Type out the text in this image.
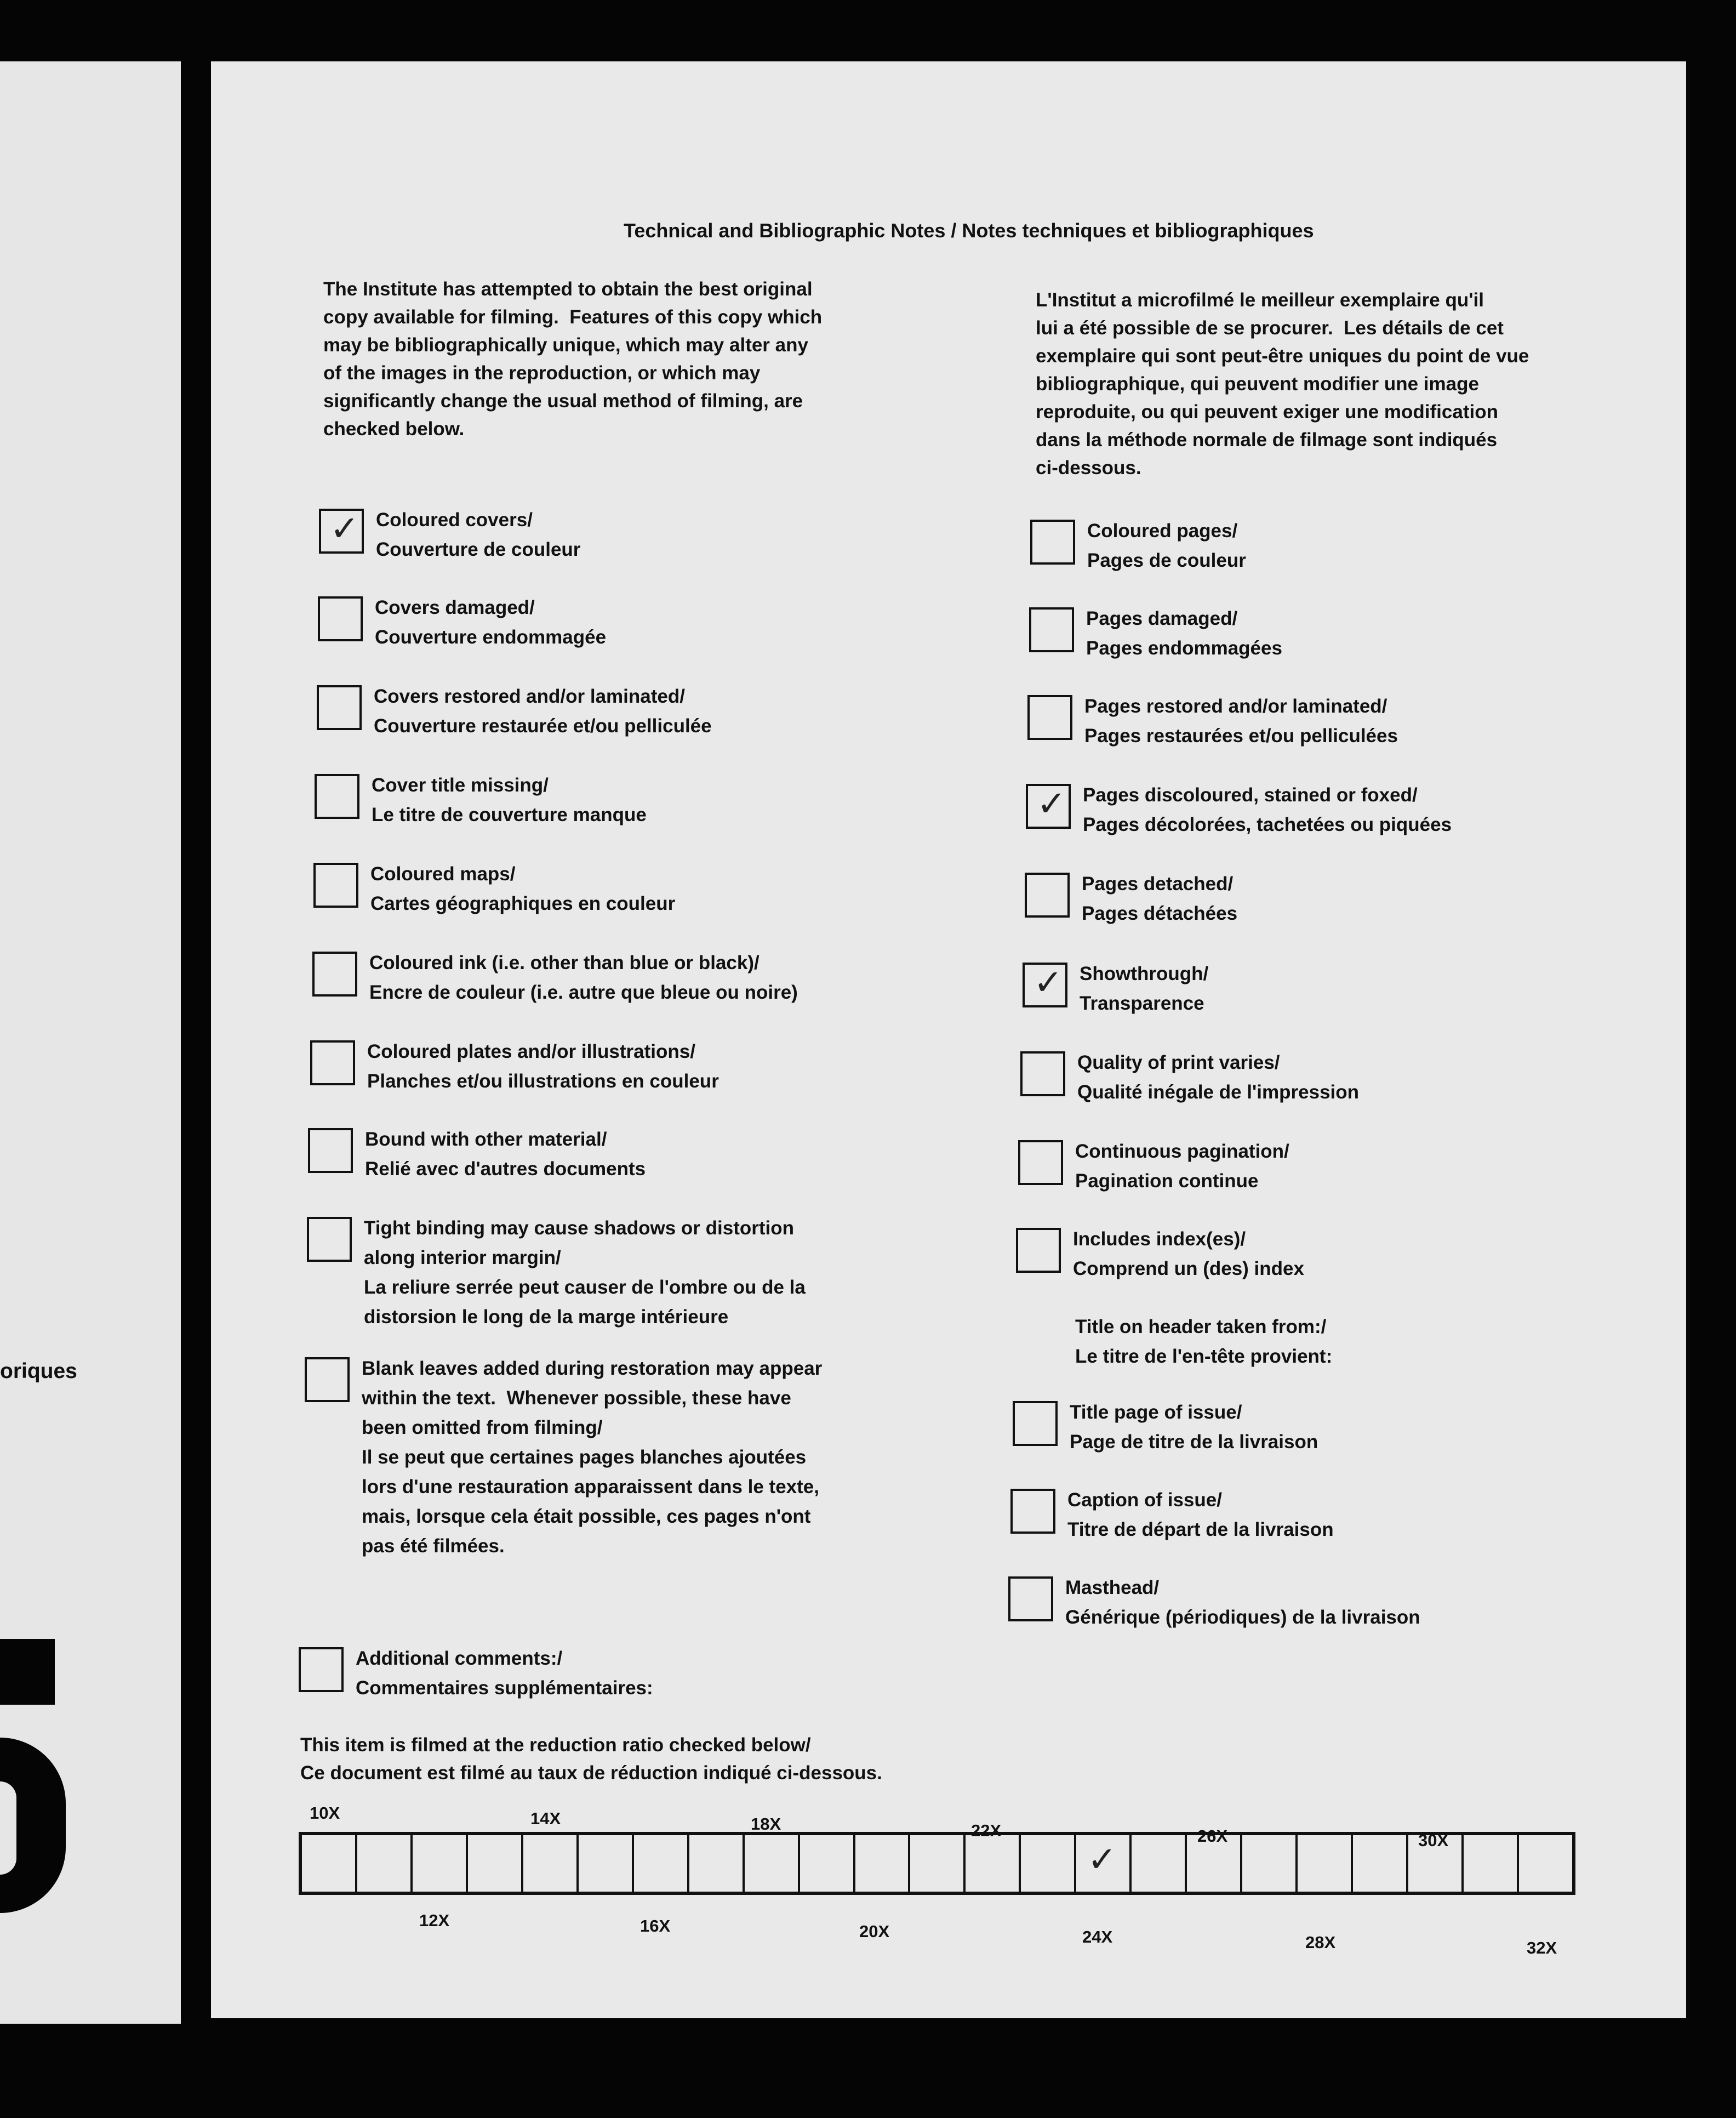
oriques
Technical and Bibliographic Notes / Notes techniques et bibliographiques
The Institute has attempted to obtain the best original
copy available for filming.  Features of this copy which
may be bibliographically unique, which may alter any
of the images in the reproduction, or which may
significantly change the usual method of filming, are
checked below.
L'Institut a microfilmé le meilleur exemplaire qu'il
lui a été possible de se procurer.  Les détails de cet
exemplaire qui sont peut-être uniques du point de vue
bibliographique, qui peuvent modifier une image
reproduite, ou qui peuvent exiger une modification
dans la méthode normale de filmage sont indiqués
ci-dessous.
✓ Coloured covers/
Couverture de couleur
Covers damaged/
Couverture endommagée
Covers restored and/or laminated/
Couverture restaurée et/ou pelliculée
Cover title missing/
Le titre de couverture manque
Coloured maps/
Cartes géographiques en couleur
Coloured ink (i.e. other than blue or black)/
Encre de couleur (i.e. autre que bleue ou noire)
Coloured plates and/or illustrations/
Planches et/ou illustrations en couleur
Bound with other material/
Relié avec d'autres documents
Tight binding may cause shadows or distortion
along interior margin/
La reliure serrée peut causer de l'ombre ou de la
distorsion le long de la marge intérieure
Blank leaves added during restoration may appear
within the text.  Whenever possible, these have
been omitted from filming/
Il se peut que certaines pages blanches ajoutées
lors d'une restauration apparaissent dans le texte,
mais, lorsque cela était possible, ces pages n'ont
pas été filmées.
Coloured pages/
Pages de couleur
Pages damaged/
Pages endommagées
Pages restored and/or laminated/
Pages restaurées et/ou pelliculées
✓ Pages discoloured, stained or foxed/
Pages décolorées, tachetées ou piquées
Pages detached/
Pages détachées
✓ Showthrough/
Transparence
Quality of print varies/
Qualité inégale de l'impression
Continuous pagination/
Pagination continue
Includes index(es)/
Comprend un (des) index
Title on header taken from:/
Le titre de l'en-tête provient:
Title page of issue/
Page de titre de la livraison
Caption of issue/
Titre de départ de la livraison
Masthead/
Générique (périodiques) de la livraison
Additional comments:/
Commentaires supplémentaires:
This item is filmed at the reduction ratio checked below/
Ce document est filmé au taux de réduction indiqué ci-dessous.
✓
10X	14X	18X	22X	26X	30X
12X	16X	20X	24X	28X	32X
